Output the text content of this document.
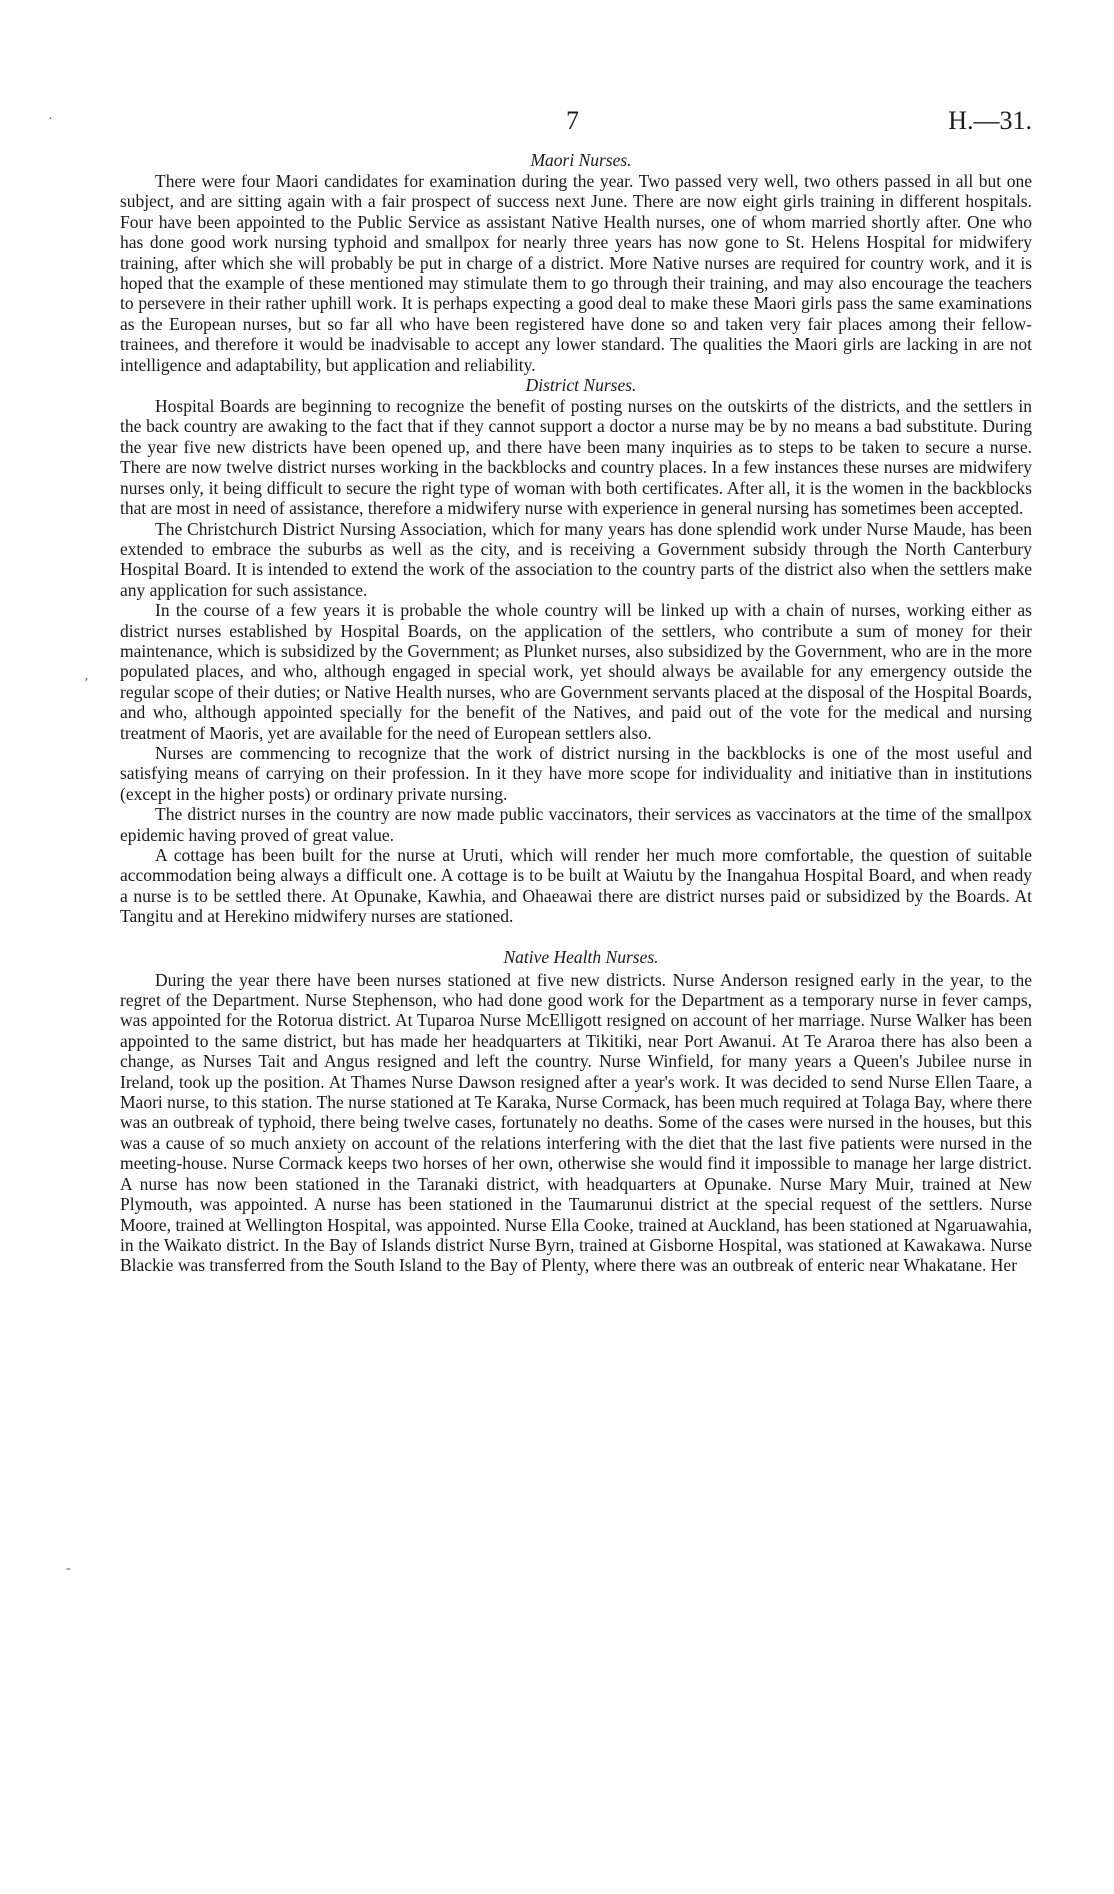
7	H.—31.
·
ʼ
-
Maori Nurses.

There were four Maori candidates for examination during the year. Two passed very well, two others passed in all but one subject, and are sitting again with a fair prospect of success next June. There are now eight girls training in different hospitals. Four have been appointed to the Public Service as assistant Native Health nurses, one of whom married shortly after. One who has done good work nursing typhoid and smallpox for nearly three years has now gone to St. Helens Hospital for midwifery training, after which she will probably be put in charge of a district. More Native nurses are required for country work, and it is hoped that the example of these mentioned may stimulate them to go through their training, and may also encourage the teachers to persevere in their rather uphill work. It is perhaps expecting a good deal to make these Maori girls pass the same examinations as the European nurses, but so far all who have been registered have done so and taken very fair places among their fellow-trainees, and therefore it would be inadvisable to accept any lower standard. The qualities the Maori girls are lacking in are not intelligence and adaptability, but application and reliability.

District Nurses.

Hospital Boards are beginning to recognize the benefit of posting nurses on the outskirts of the districts, and the settlers in the back country are awaking to the fact that if they cannot support a doctor a nurse may be by no means a bad substitute. During the year five new districts have been opened up, and there have been many inquiries as to steps to be taken to secure a nurse. There are now twelve district nurses working in the backblocks and country places. In a few instances these nurses are midwifery nurses only, it being difficult to secure the right type of woman with both certificates. After all, it is the women in the backblocks that are most in need of assistance, therefore a midwifery nurse with experience in general nursing has sometimes been accepted.

The Christchurch District Nursing Association, which for many years has done splendid work under Nurse Maude, has been extended to embrace the suburbs as well as the city, and is receiving a Government subsidy through the North Canterbury Hospital Board. It is intended to extend the work of the association to the country parts of the district also when the settlers make any application for such assistance.

In the course of a few years it is probable the whole country will be linked up with a chain of nurses, working either as district nurses established by Hospital Boards, on the application of the settlers, who contribute a sum of money for their maintenance, which is subsidized by the Government; as Plunket nurses, also subsidized by the Government, who are in the more populated places, and who, although engaged in special work, yet should always be available for any emergency outside the regular scope of their duties; or Native Health nurses, who are Government servants placed at the disposal of the Hospital Boards, and who, although appointed specially for the benefit of the Natives, and paid out of the vote for the medical and nursing treatment of Maoris, yet are available for the need of European settlers also.

Nurses are commencing to recognize that the work of district nursing in the backblocks is one of the most useful and satisfying means of carrying on their profession. In it they have more scope for individuality and initiative than in institutions (except in the higher posts) or ordinary private nursing.

The district nurses in the country are now made public vaccinators, their services as vaccinators at the time of the smallpox epidemic having proved of great value.

A cottage has been built for the nurse at Uruti, which will render her much more comfortable, the question of suitable accommodation being always a difficult one. A cottage is to be built at Waiutu by the Inangahua Hospital Board, and when ready a nurse is to be settled there. At Opunake, Kawhia, and Ohaeawai there are district nurses paid or subsidized by the Boards. At Tangitu and at Herekino midwifery nurses are stationed.

Native Health Nurses.

During the year there have been nurses stationed at five new districts. Nurse Anderson resigned early in the year, to the regret of the Department. Nurse Stephenson, who had done good work for the Department as a temporary nurse in fever camps, was appointed for the Rotorua district. At Tuparoa Nurse McElligott resigned on account of her marriage. Nurse Walker has been appointed to the same district, but has made her headquarters at Tikitiki, near Port Awanui. At Te Araroa there has also been a change, as Nurses Tait and Angus resigned and left the country. Nurse Winfield, for many years a Queen's Jubilee nurse in Ireland, took up the position. At Thames Nurse Dawson resigned after a year's work. It was decided to send Nurse Ellen Taare, a Maori nurse, to this station. The nurse stationed at Te Karaka, Nurse Cormack, has been much required at Tolaga Bay, where there was an outbreak of typhoid, there being twelve cases, fortunately no deaths. Some of the cases were nursed in the houses, but this was a cause of so much anxiety on account of the relations interfering with the diet that the last five patients were nursed in the meeting-house. Nurse Cormack keeps two horses of her own, otherwise she would find it impossible to manage her large district. A nurse has now been stationed in the Taranaki district, with headquarters at Opunake. Nurse Mary Muir, trained at New Plymouth, was appointed. A nurse has been stationed in the Taumarunui district at the special request of the settlers. Nurse Moore, trained at Wellington Hospital, was appointed. Nurse Ella Cooke, trained at Auckland, has been stationed at Ngaruawahia, in the Waikato district. In the Bay of Islands district Nurse Byrn, trained at Gisborne Hospital, was stationed at Kawakawa. Nurse Blackie was transferred from the South Island to the Bay of Plenty, where there was an outbreak of enteric near Whakatane. Her
